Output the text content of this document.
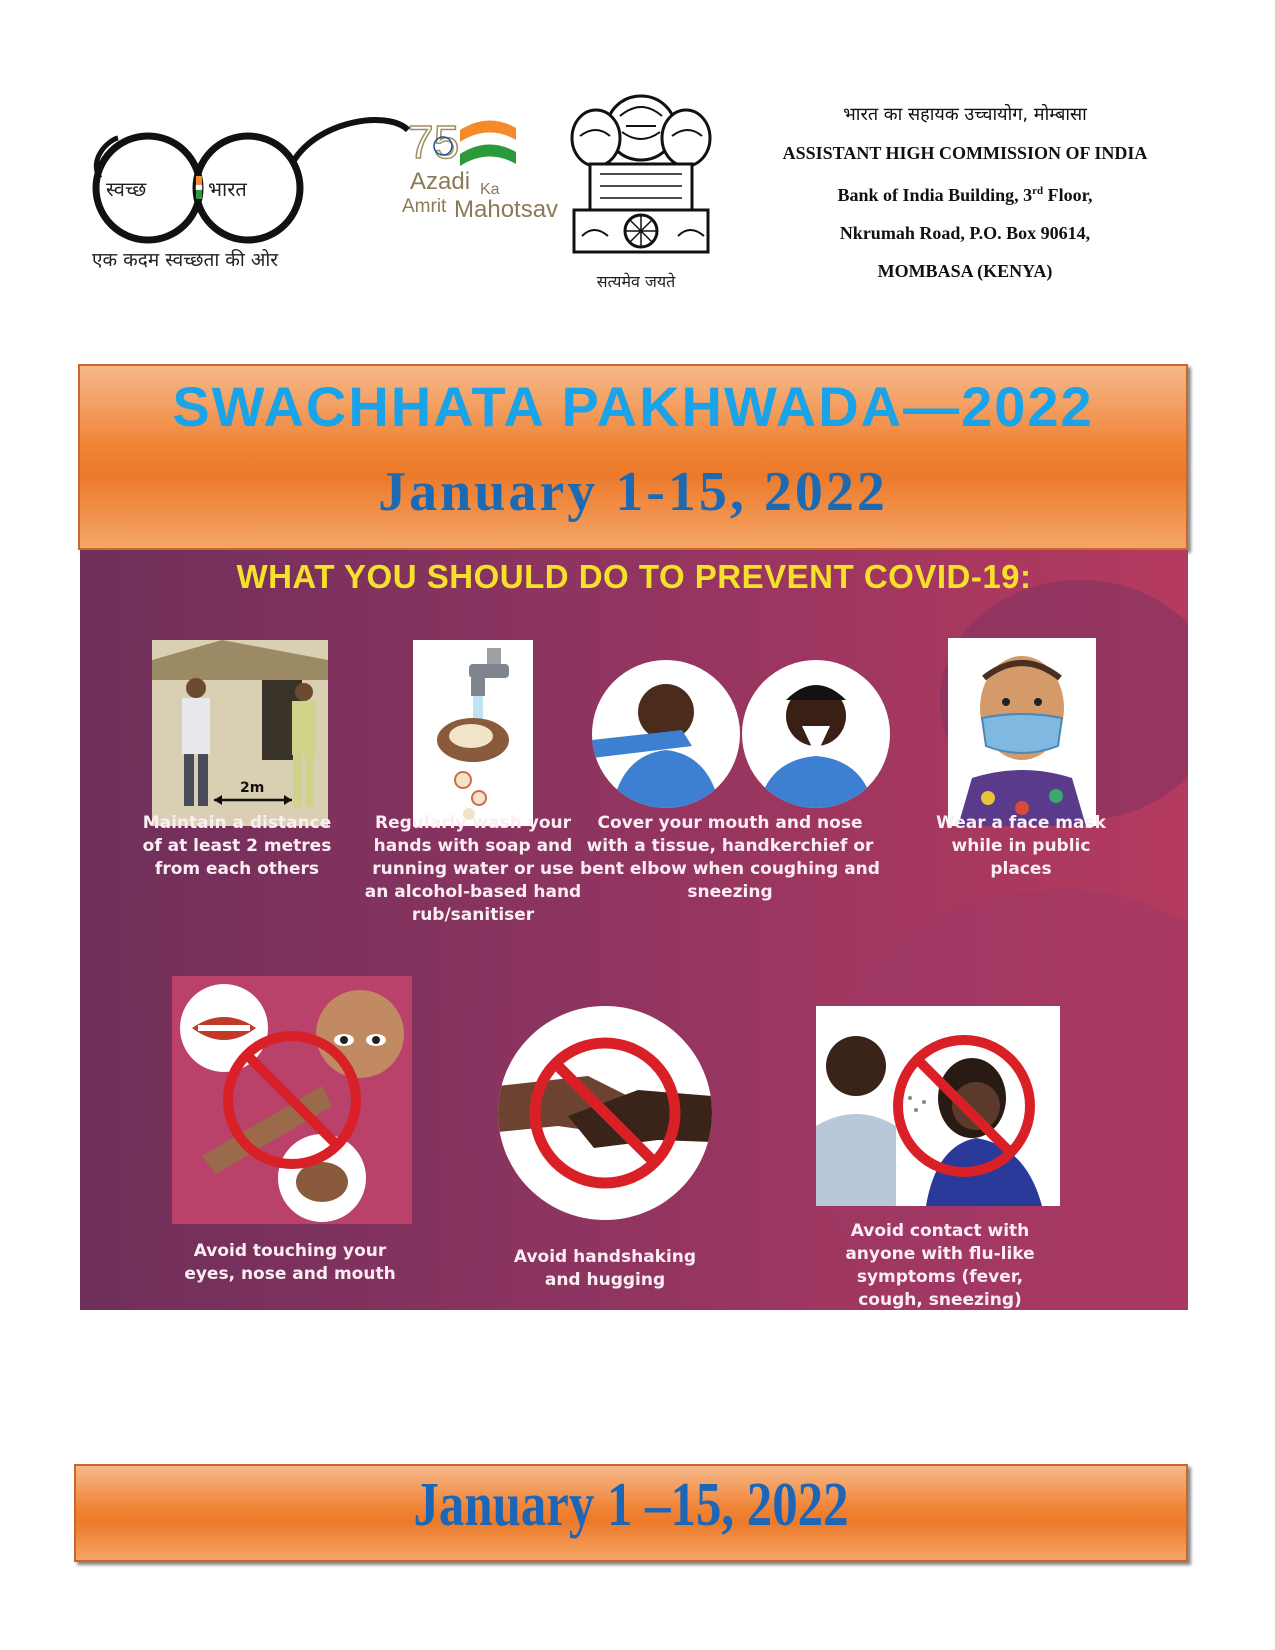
स्वच्छ	भारत
एक कदम स्वच्छता की ओर
75
Azadi Ka
Amrit Mahotsav
सत्यमेव जयते
भारत का सहायक उच्चायोग, मोम्बासा
ASSISTANT HIGH COMMISSION OF INDIA
Bank of India Building, 3rd Floor,
Nkrumah Road, P.O. Box 90614,
MOMBASA (KENYA)
SWACHHATA PAKHWADA—2022
January 1-15, 2022
WHAT YOU SHOULD DO TO PREVENT COVID-19:
2m
Maintain a distance of at least 2 metres from each others
Regularly wash your hands with soap and running water or use an alcohol-based hand rub/sanitiser
Cover your mouth and nose with a tissue, handkerchief or bent elbow when coughing and sneezing
Wear a face mask while in public places
Avoid touching your eyes, nose and mouth
Avoid handshaking and hugging
Avoid contact with anyone with flu-like symptoms (fever, cough, sneezing)
January 1 –15, 2022
